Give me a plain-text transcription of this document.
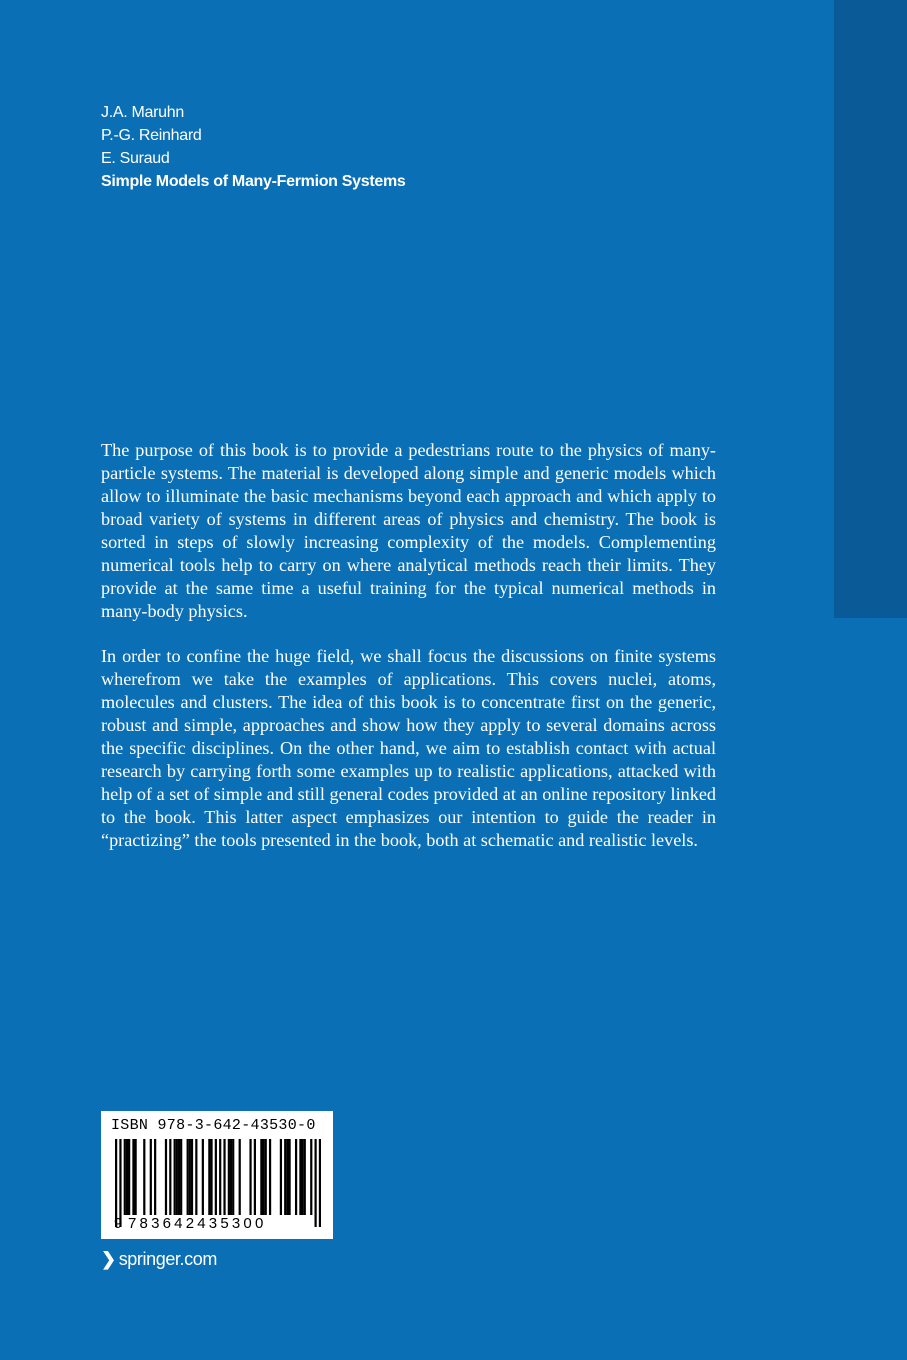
J.A. Maruhn
P.-G. Reinhard
E. Suraud
Simple Models of Many-Fermion Systems

The purpose of this book is to provide a pedestrians route to the physics of many-particle systems. The material is developed along simple and generic models which allow to illuminate the basic mechanisms beyond each approach and which apply to broad variety of systems in different areas of physics and chemistry. The book is sorted in steps of slowly increasing complexity of the models. Complementing numerical tools help to carry on where analytical methods reach their limits. They provide at the same time a useful training for the typical numerical methods in many-body physics.

In order to confine the huge field, we shall focus the discussions on finite systems wherefrom we take the examples of applications. This covers nuclei, atoms, molecules and clusters. The idea of this book is to concentrate first on the generic, robust and simple, approaches and show how they apply to several domains across the specific disciplines. On the other hand, we aim to establish contact with actual research by carrying forth some examples up to realistic applications, attacked with help of a set of simple and still general codes provided at an online repository linked to the book. This latter aspect emphasizes our intention to guide the reader in “practizing” the tools presented in the book, both at schematic and realistic levels.

ISBN 978-3-642-43530-0
9 783642435300
❯ springer.com
